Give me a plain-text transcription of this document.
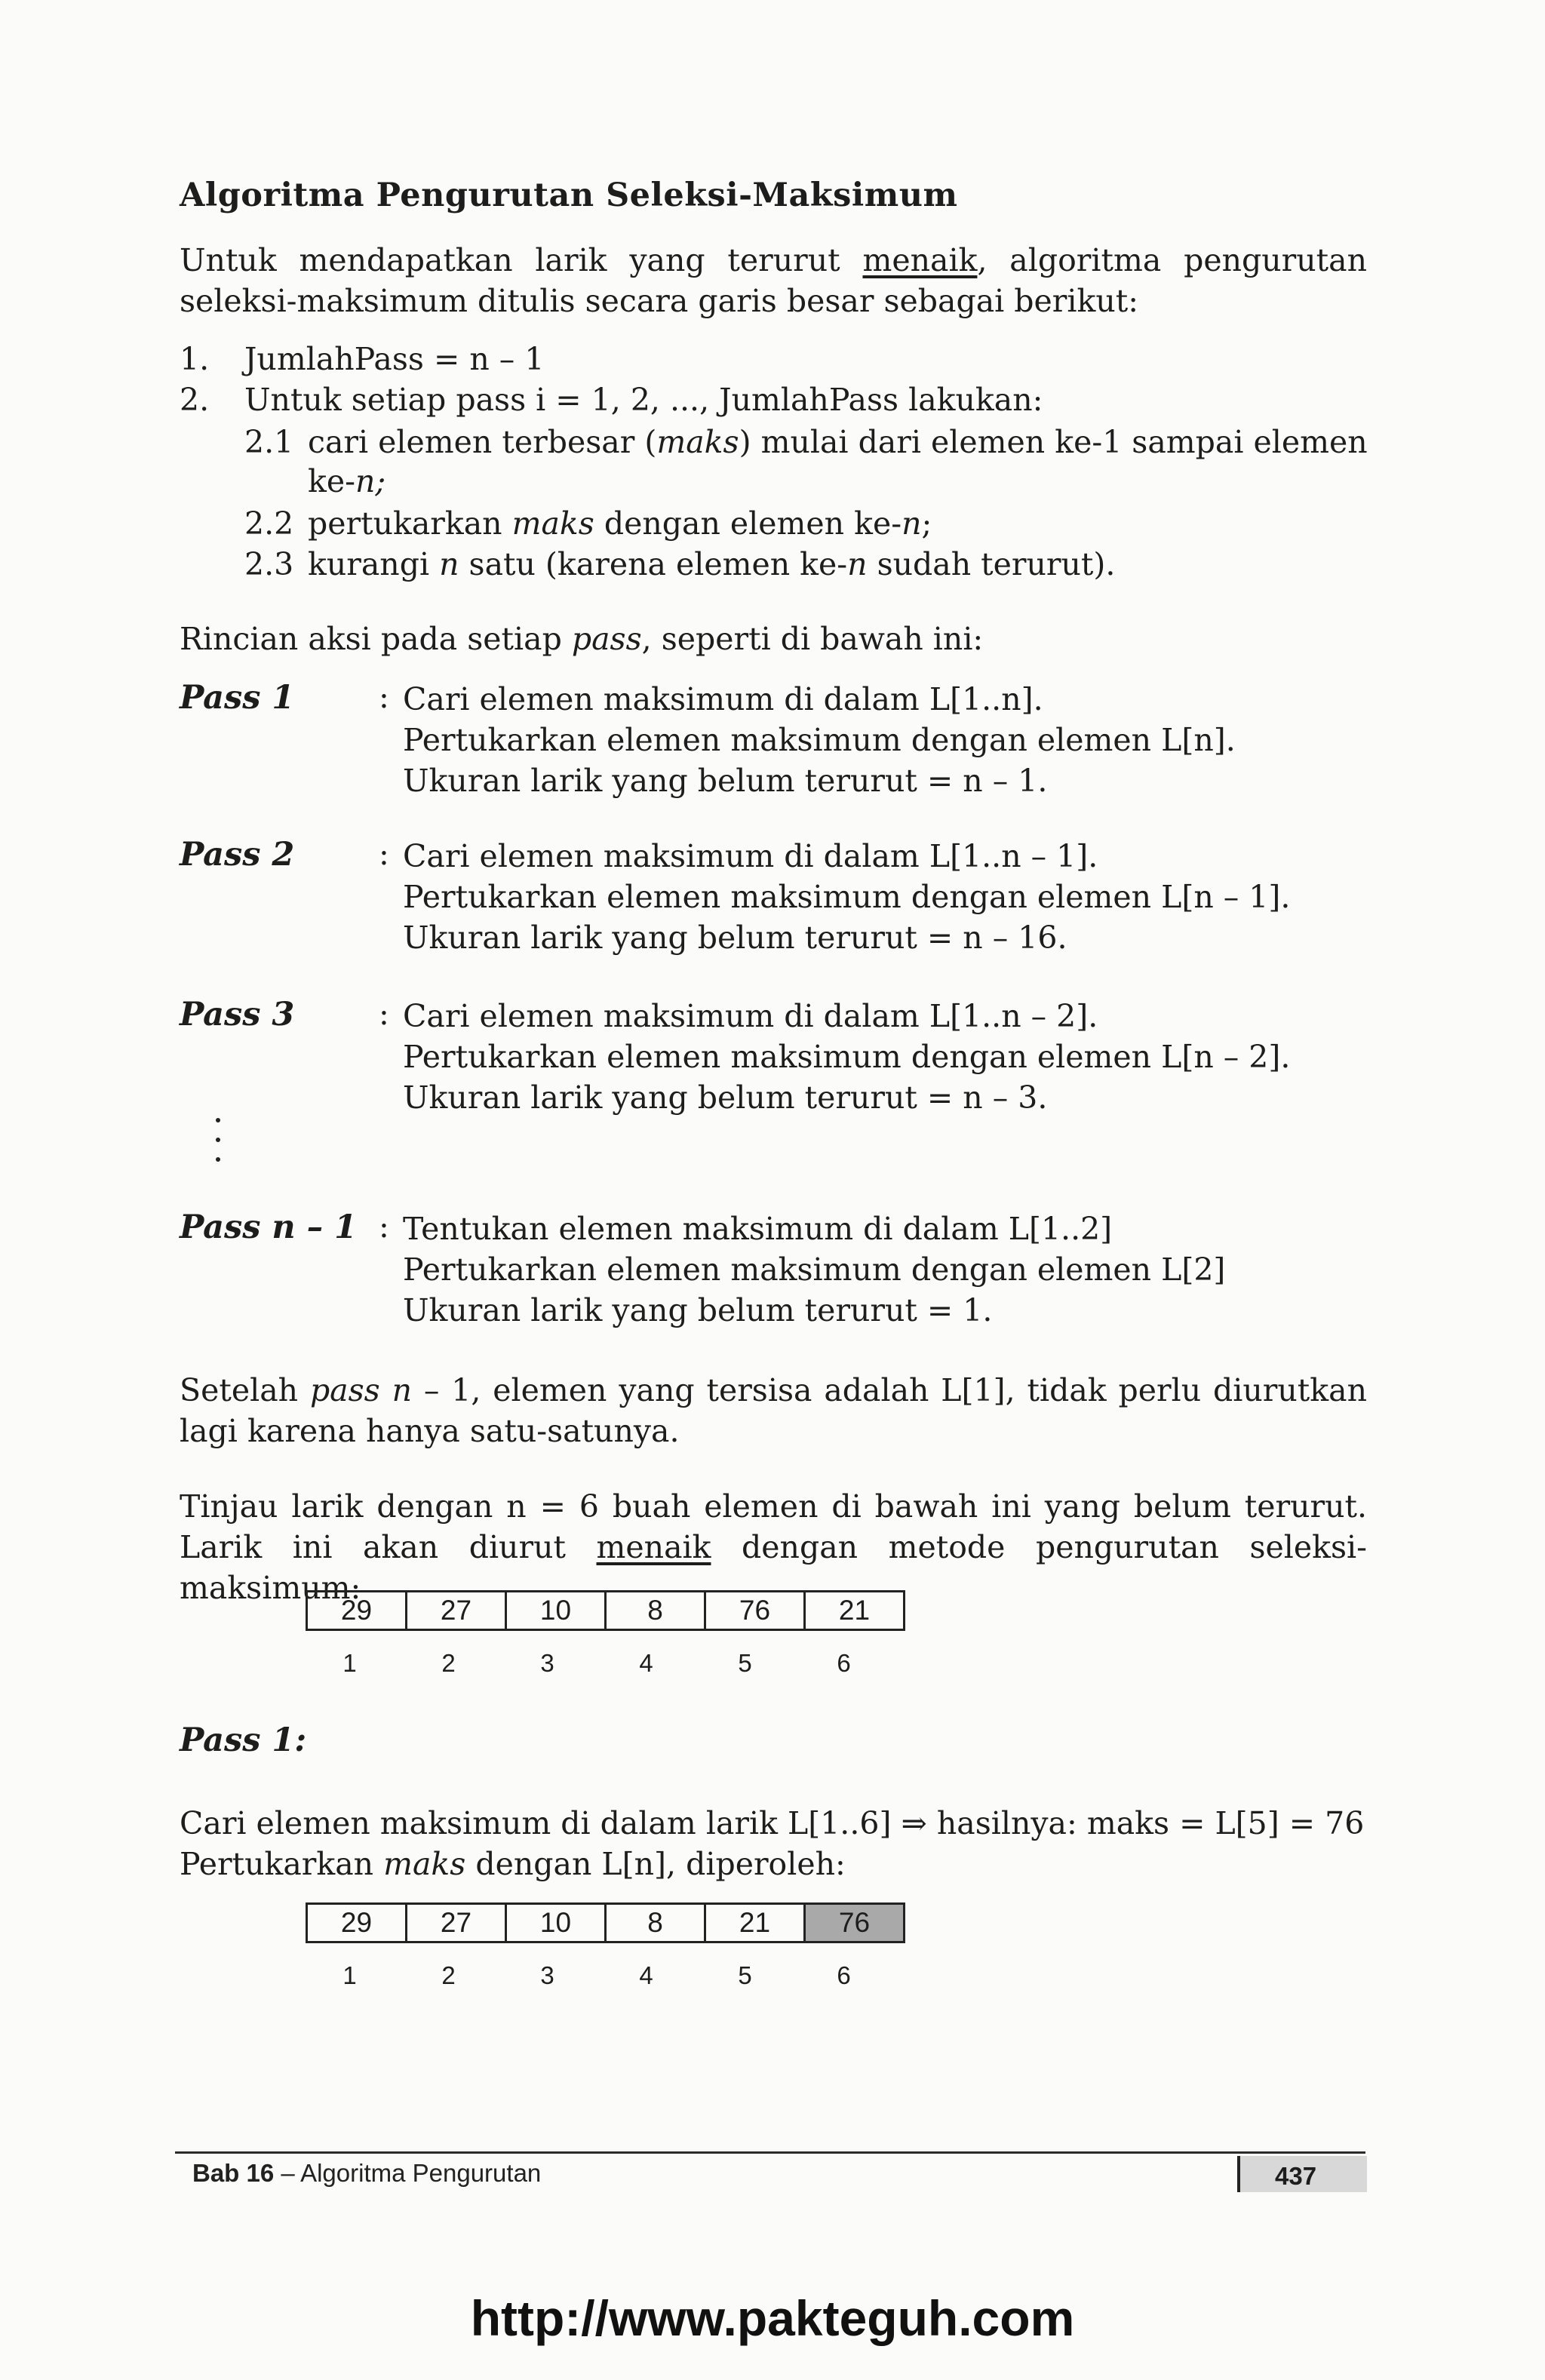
Algoritma Pengurutan Seleksi-Maksimum
Untuk mendapatkan larik yang terurut menaik, algoritma pengurutan
seleksi-maksimum ditulis secara garis besar sebagai berikut:
1. JumlahPass = n – 1
2. Untuk setiap pass i = 1, 2, ..., JumlahPass lakukan:
2.1 cari elemen terbesar (maks) mulai dari elemen ke-1 sampai elemen
ke-n;
2.2 pertukarkan maks dengan elemen ke-n;
2.3 kurangi n satu (karena elemen ke-n sudah terurut).
Rincian aksi pada setiap pass, seperti di bawah ini:
Pass 1	: Cari elemen maksimum di dalam L[1..n].
Pertukarkan elemen maksimum dengan elemen L[n].
Ukuran larik yang belum terurut = n – 1.
Pass 2	: Cari elemen maksimum di dalam L[1..n – 1].
Pertukarkan elemen maksimum dengan elemen L[n – 1].
Ukuran larik yang belum terurut = n – 16.
Pass 3	: Cari elemen maksimum di dalam L[1..n – 2].
Pertukarkan elemen maksimum dengan elemen L[n – 2].
Ukuran larik yang belum terurut = n – 3.
Pass n – 1 : Tentukan elemen maksimum di dalam L[1..2]
Pertukarkan elemen maksimum dengan elemen L[2]
Ukuran larik yang belum terurut = 1.
Setelah pass n – 1, elemen yang tersisa adalah L[1], tidak perlu diurutkan
lagi karena hanya satu-satunya.
Tinjau larik dengan n = 6 buah elemen di bawah ini yang belum terurut.
Larik ini akan diurut menaik dengan metode pengurutan seleksi-maksimum:
29	27	10	8	76	21
1	2	3	4	5	6
Pass 1:
Cari elemen maksimum di dalam larik L[1..6] ⇒ hasilnya: maks = L[5] = 76
Pertukarkan maks dengan L[n], diperoleh:
29	27	10	8	21	76
1	2	3	4	5	6
Bab 16 – Algoritma Pengurutan	437
http://www.pakteguh.com
